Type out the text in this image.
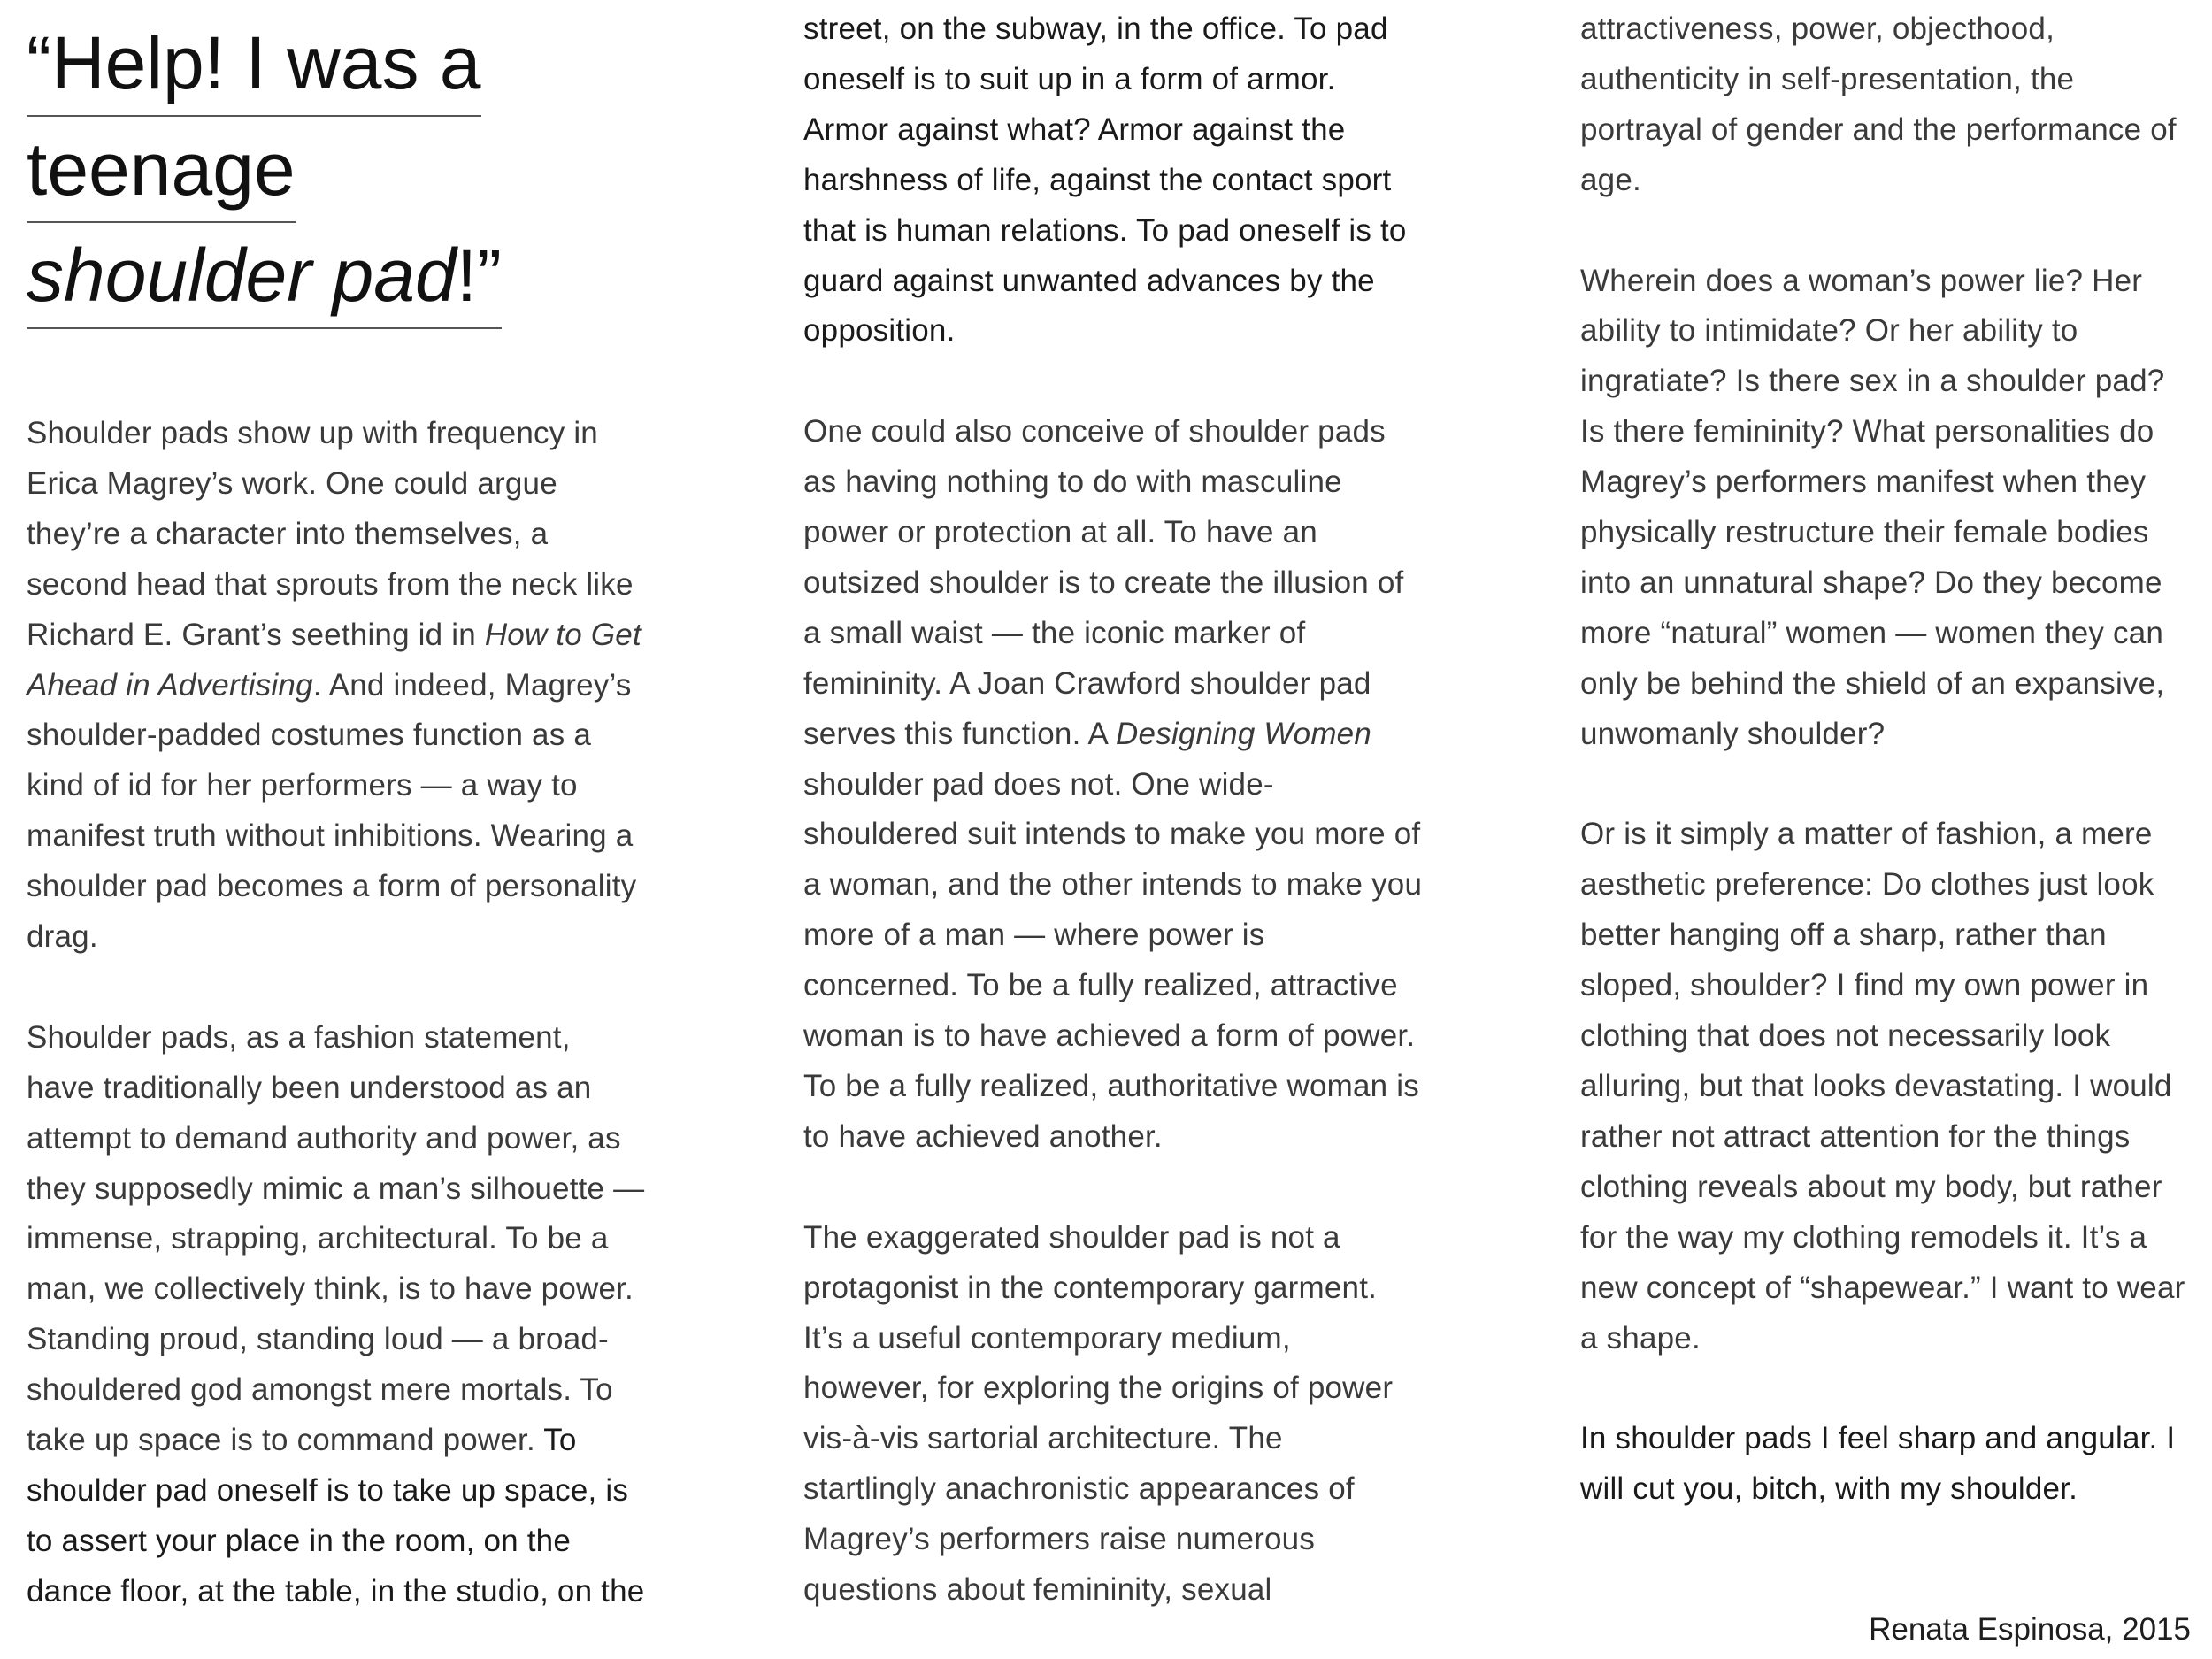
“Help! I was a
teenage
shoulder pad!”

Shoulder pads show up with frequency in Erica Magrey’s work. One could argue they’re a character into themselves, a second head that sprouts from the neck like Richard E. Grant’s seething id in How to Get Ahead in Advertising. And indeed, Magrey’s shoulder-padded costumes function as a kind of id for her performers — a way to manifest truth without inhibitions. Wearing a shoulder pad becomes a form of personality drag.

Shoulder pads, as a fashion statement, have traditionally been understood as an attempt to demand authority and power, as they supposedly mimic a man’s silhouette — immense, strapping, architectural. To be a man, we collectively think, is to have power. Standing proud, standing loud — a broad-shouldered god amongst mere mortals. To take up space is to command power. To shoulder pad oneself is to take up space, is to assert your place in the room, on the dance floor, at the table, in the studio, on the

street, on the subway, in the office. To pad oneself is to suit up in a form of armor. Armor against what? Armor against the harshness of life, against the contact sport that is human relations. To pad oneself is to guard against unwanted advances by the opposition.

One could also conceive of shoulder pads as having nothing to do with masculine power or protection at all. To have an outsized shoulder is to create the illusion of a small waist — the iconic marker of femininity. A Joan Crawford shoulder pad serves this function. A Designing Women shoulder pad does not. One wide-shouldered suit intends to make you more of a woman, and the other intends to make you more of a man — where power is concerned. To be a fully realized, attractive woman is to have achieved a form of power. To be a fully realized, authoritative woman is to have achieved another.

The exaggerated shoulder pad is not a protagonist in the contemporary garment. It’s a useful contemporary medium, however, for exploring the origins of power vis-à-vis sartorial architecture. The startlingly anachronistic appearances of Magrey’s performers raise numerous questions about femininity, sexual

attractiveness, power, objecthood, authenticity in self-presentation, the portrayal of gender and the performance of age.

Wherein does a woman’s power lie? Her ability to intimidate? Or her ability to ingratiate? Is there sex in a shoulder pad? Is there femininity? What personalities do Magrey’s performers manifest when they physically restructure their female bodies into an unnatural shape? Do they become more “natural” women — women they can only be behind the shield of an expansive, unwomanly shoulder?

Or is it simply a matter of fashion, a mere aesthetic preference: Do clothes just look better hanging off a sharp, rather than sloped, shoulder? I find my own power in clothing that does not necessarily look alluring, but that looks devastating. I would rather not attract attention for the things clothing reveals about my body, but rather for the way my clothing remodels it. It’s a new concept of “shapewear.” I want to wear a shape.

In shoulder pads I feel sharp and angular. I will cut you, bitch, with my shoulder.

Renata Espinosa, 2015
